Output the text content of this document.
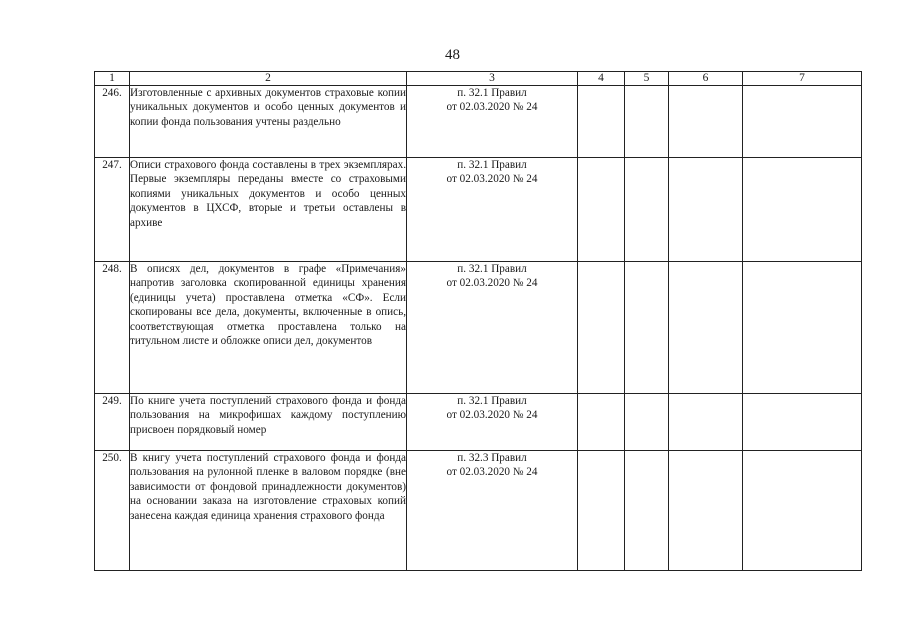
48
1	2	3	4	5	6	7
246.	Изготовленные с архивных документов страховые копии уникальных документов и особо ценных документов и копии фонда пользования учтены раздельно	п. 32.1 Правил
от 02.03.2020 № 24				

247.	Описи страхового фонда составлены в трех экземплярах. Первые экземпляры переданы вместе со страховыми копиями уникальных документов и особо ценных документов в ЦХСФ, вторые и третьи оставлены в архиве	п. 32.1 Правил
от 02.03.2020 № 24				

248.	В описях дел, документов в графе «Примечания» напротив заголовка скопированной единицы хранения (единицы учета) проставлена отметка «СФ». Если скопированы все дела, документы, включенные в опись, соответствующая отметка проставлена только на титульном листе и обложке описи дел, документов	п. 32.1 Правил
от 02.03.2020 № 24				

249.	По книге учета поступлений страхового фонда и фонда пользования на микрофишах каждому поступлению присвоен порядковый номер	п. 32.1 Правил
от 02.03.2020 № 24				

250.	В книгу учета поступлений страхового фонда и фонда пользования на рулонной пленке в валовом порядке (вне зависимости от фондовой принадлежности документов) на основании заказа на изготовление страховых копий занесена каждая единица хранения страхового фонда	п. 32.3 Правил
от 02.03.2020 № 24				
